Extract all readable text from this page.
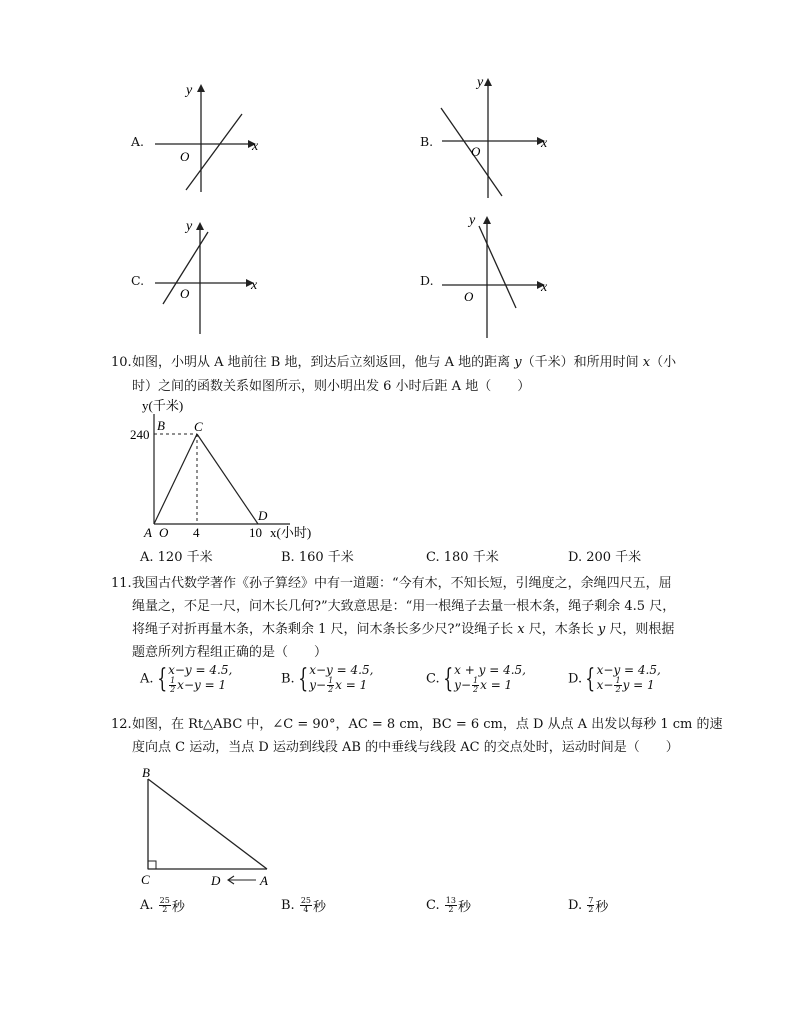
A.
y
x
O
B.
y
x
O
C.
y
x
O
D.
y
x
O
10. 如图，小明从 A 地前往 B 地，到达后立刻返回，他与 A 地的距离 y（千米）和所用时间 x（小
时）之间的函数关系如图所示，则小明出发 6 小时后距 A 地（　　）
y(千米)
240
B C
D
A O 4	10 x(小时)
A. 120 千米	B. 160 千米	C. 180 千米	D. 200 千米
11. 我国古代数学著作《孙子算经》中有一道题：“今有木，不知长短，引绳度之，余绳四尺五，屈
绳量之，不足一尺，问木长几何?”大致意思是：“用一根绳子去量一根木条，绳子剩余 4.5 尺，
将绳子对折再量木条，木条剩余 1 尺，问木条长多少尺?”设绳子长 x 尺，木条长 y 尺，则根据
题意所列方程组正确的是（　　）
A. {x−y = 4.5,

$\frac{1}{2} x-y = 1$	B. {x−y = 4.5,
$y- \frac{1}{2}$ x = 1	C. {x + y = 4.5,
$y- \frac{1}{2}$ x = 1	D. {x−y = 4.5,
$x- \frac{1}{2}$ y = 1
12. 如图，在 Rt△ABC 中，∠C = 90°，AC = 8 cm，BC = 6 cm，点 D 从点 A 出发以每秒 1 cm 的速
度向点 C 运动，当点 D 运动到线段 AB 的中垂线与线段 AC 的交点处时，运动时间是（　　）
B
C	D	A
A. $\frac{25}{2}$ 秒	B. $\frac{25}{4}$ 秒	C. $\frac{13}{2}$ 秒	D. $\frac{7}{2}$ 秒
